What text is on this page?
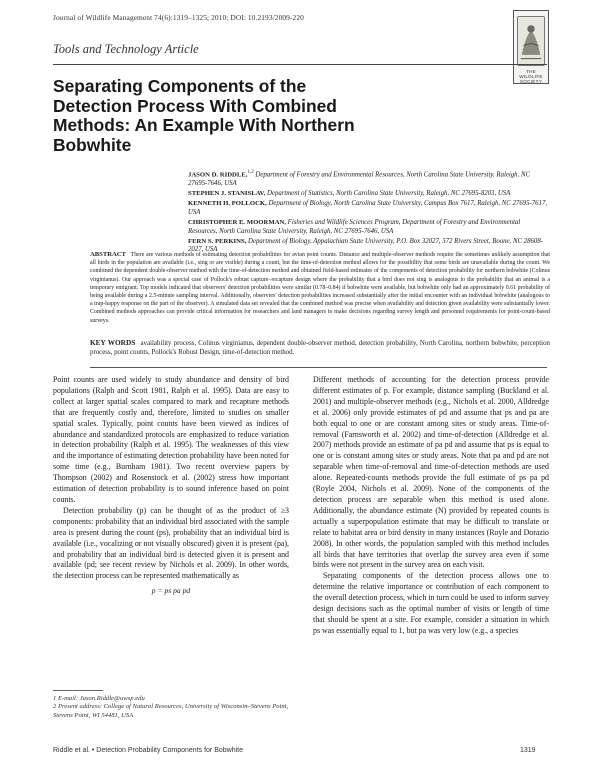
Journal of Wildlife Management 74(6):1319–1325; 2010; DOI: 10.2193/2009-220
THE WILDLIFE SOCIETY
Tools and Technology Article
Separating Components of the Detection Process With Combined Methods: An Example With Northern Bobwhite
JASON D. RIDDLE,$^{1,2}$ Department of Forestry and Environmental Resources, North Carolina State University, Raleigh, NC 27695-7646, USA
STEPHEN J. STANISLAV, Department of Statistics, North Carolina State University, Raleigh, NC 27695-8203, USA
KENNETH H. POLLOCK, Department of Biology, North Carolina State University, Campus Box 7617, Raleigh, NC 27695-7617, USA
CHRISTOPHER E. MOORMAN, Fisheries and Wildlife Sciences Program, Department of Forestry and Environmental Resources, North Carolina State University, Raleigh, NC 27695-7646, USA
FERN S. PERKINS, Department of Biology, Appalachian State University, P.O. Box 32027, 572 Rivers Street, Boone, NC 28608-2027, USA
ABSTRACT There are various methods of estimating detection probabilities for avian point counts. Distance and multiple-observer methods require the sometimes unlikely assumption that all birds in the population are available (i.e., sing or are visible) during a count, but the time-of-detection method allows for the possibility that some birds are unavailable during the count. We combined the dependent double-observer method with the time-of-detection method and obtained field-based estimates of the components of detection probability for northern bobwhite (Colinus virginianus). Our approach was a special case of Pollock's robust capture–recapture design where the probability that a bird does not sing is analogous to the probability that an animal is a temporary emigrant. Top models indicated that observers' detection probabilities were similar (0.78–0.84) if bobwhite were available, but bobwhite only had an approximately 0.61 probability of being available during a 2.5-minute sampling interval. Additionally, observers' detection probabilities increased substantially after the initial encounter with an individual bobwhite (analogous to a trap-happy response on the part of the observer). A simulated data set revealed that the combined method was precise when availability and detection given availability were substantially lower. Combined methods approaches can provide critical information for researchers and land managers to make decisions regarding survey length and personnel requirements for point-count-based surveys.
KEY WORDS availability process, Colinus virginianus, dependent double-observer method, detection probability, North Carolina, northern bobwhite, perception process, point counts, Pollock's Robust Design, time-of-detection method.

Point counts are used widely to study abundance and density of bird populations (Ralph and Scott 1981, Ralph et al. 1995). Data are easy to collect at larger spatial scales compared to mark and recapture methods that are frequently costly and, therefore, limited to studies on smaller spatial scales. Typically, point counts have been viewed as indices of abundance and standardized protocols are emphasized to reduce variation in detection probability (Ralph et al. 1995). The weaknesses of this view and the importance of estimating detection probability have been noted for some time (e.g., Burnham 1981). Two recent overview papers by Thompson (2002) and Rosenstock et al. (2002) stress how important estimation of detection probability is to sound inference based on point counts.

Detection probability (p) can be thought of as the product of ≥3 components: probability that an individual bird associated with the sample area is present during the count (ps), probability that an individual bird is available (i.e., vocalizing or not visually obscured) given it is present (pa), and probability that an individual bird is detected given it is present and available (pd; see recent review by Nichols et al. 2009). In other words, the detection process can be represented mathematically as

p = ps pa pd

Different methods of accounting for the detection process provide different estimates of p. For example, distance sampling (Buckland et al. 2001) and multiple-observer methods (e.g., Nichols et al. 2000, Alldredge et al. 2006) only provide estimates of pd and assume that ps and pa are both equal to one or are constant among sites or study areas. Time-of-removal (Farnsworth et al. 2002) and time-of-detection (Alldredge et al. 2007) methods provide an estimate of pa pd and assume that ps is equal to one or is constant among sites or study areas. Note that pa and pd are not separable when time-of-removal and time-of-detection methods are used alone. Repeated-counts methods provide the full estimate of ps pa pd (Royle 2004, Nichols et al. 2009). None of the components of the detection process are separable when this method is used alone. Additionally, the abundance estimate (N) provided by repeated counts is actually a superpopulation estimate that may be difficult to translate or relate to habitat area or bird density in many instances (Royle and Dorazio 2008). In other words, the population sampled with this method includes all birds that have territories that overlap the survey area even if some birds were not present in the survey area on each visit.

Separating components of the detection process allows one to determine the relative importance or contribution of each component to the overall detection process, which in turn could be used to inform survey design decisions such as the optimal number of visits or length of time that should be spent at a site. For example, consider a situation in which ps was essentially equal to 1, but pa was very low (e.g., a species

1 E-mail: Jason.Riddle@uwsp.edu
2 Present address: College of Natural Resources, University of Wisconsin–Stevens Point, Stevens Point, WI 54481, USA
Riddle et al. • Detection Probability Components for Bobwhite	1319
